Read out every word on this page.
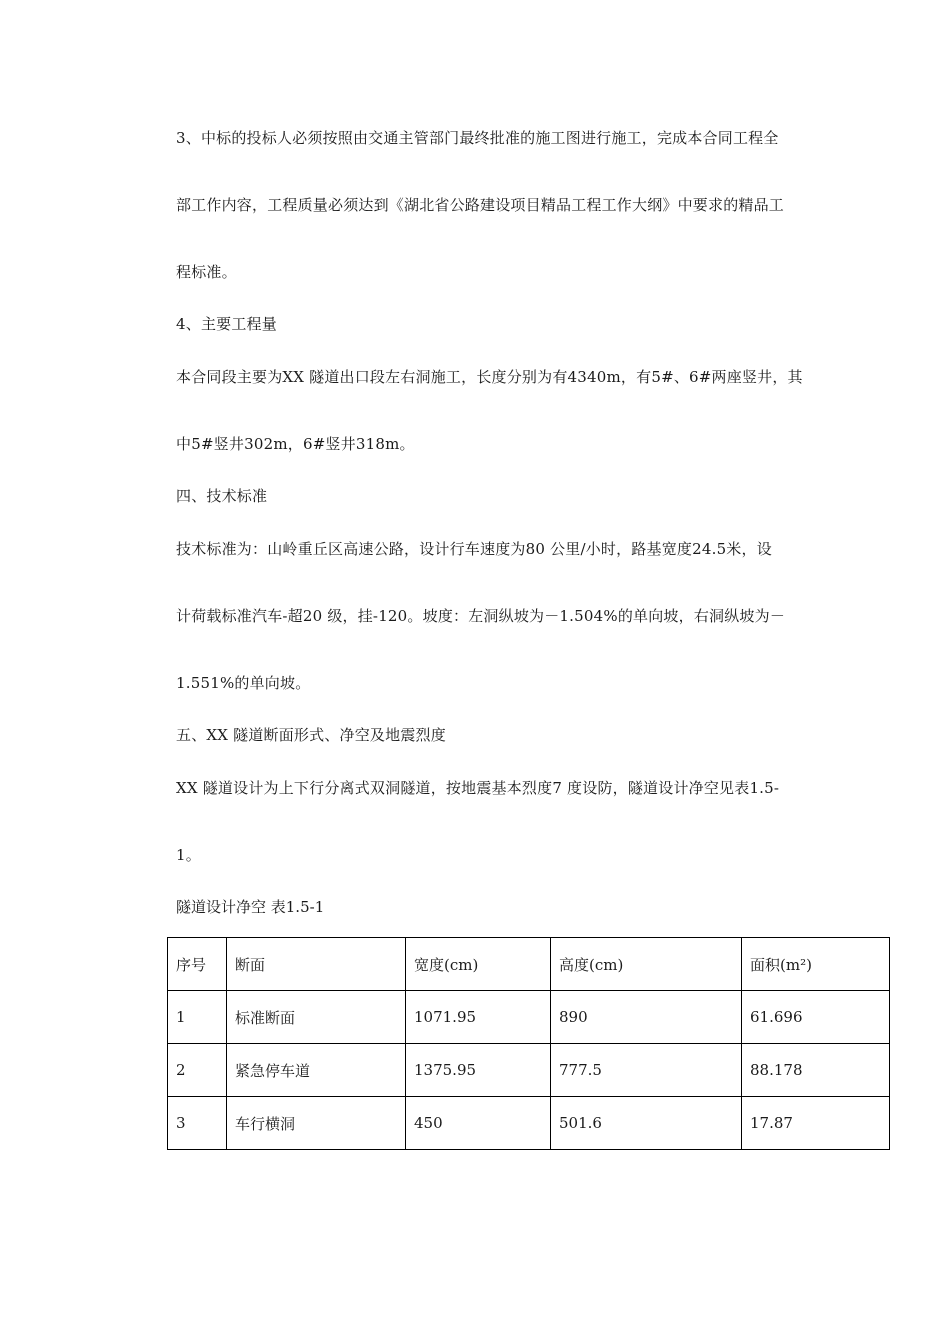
3、中标的投标人必须按照由交通主管部门最终批准的施工图进行施工，完成本合同工程全
部工作内容，工程质量必须达到《湖北省公路建设项目精品工程工作大纲》中要求的精品工
程标准。
4、主要工程量
本合同段主要为XX 隧道出口段左右洞施工，长度分别为有4340m，有5#、6#两座竖井，其
中5#竖井302m，6#竖井318m。
四、技术标准
技术标准为：山岭重丘区高速公路，设计行车速度为80 公里/小时，路基宽度24.5米，设
计荷载标准汽车-超20 级，挂-120。坡度：左洞纵坡为－1.504%的单向坡，右洞纵坡为－
1.551%的单向坡。
五、XX 隧道断面形式、净空及地震烈度
XX 隧道设计为上下行分离式双洞隧道，按地震基本烈度7 度设防，隧道设计净空见表1.5-
1。
隧道设计净空 表1.5-1
序号	断面	宽度(cm)	高度(cm)	面积(m²)
1	标准断面	1071.95	890	61.696
2	紧急停车道	1375.95	777.5	88.178
3	车行横洞	450	501.6	17.87
